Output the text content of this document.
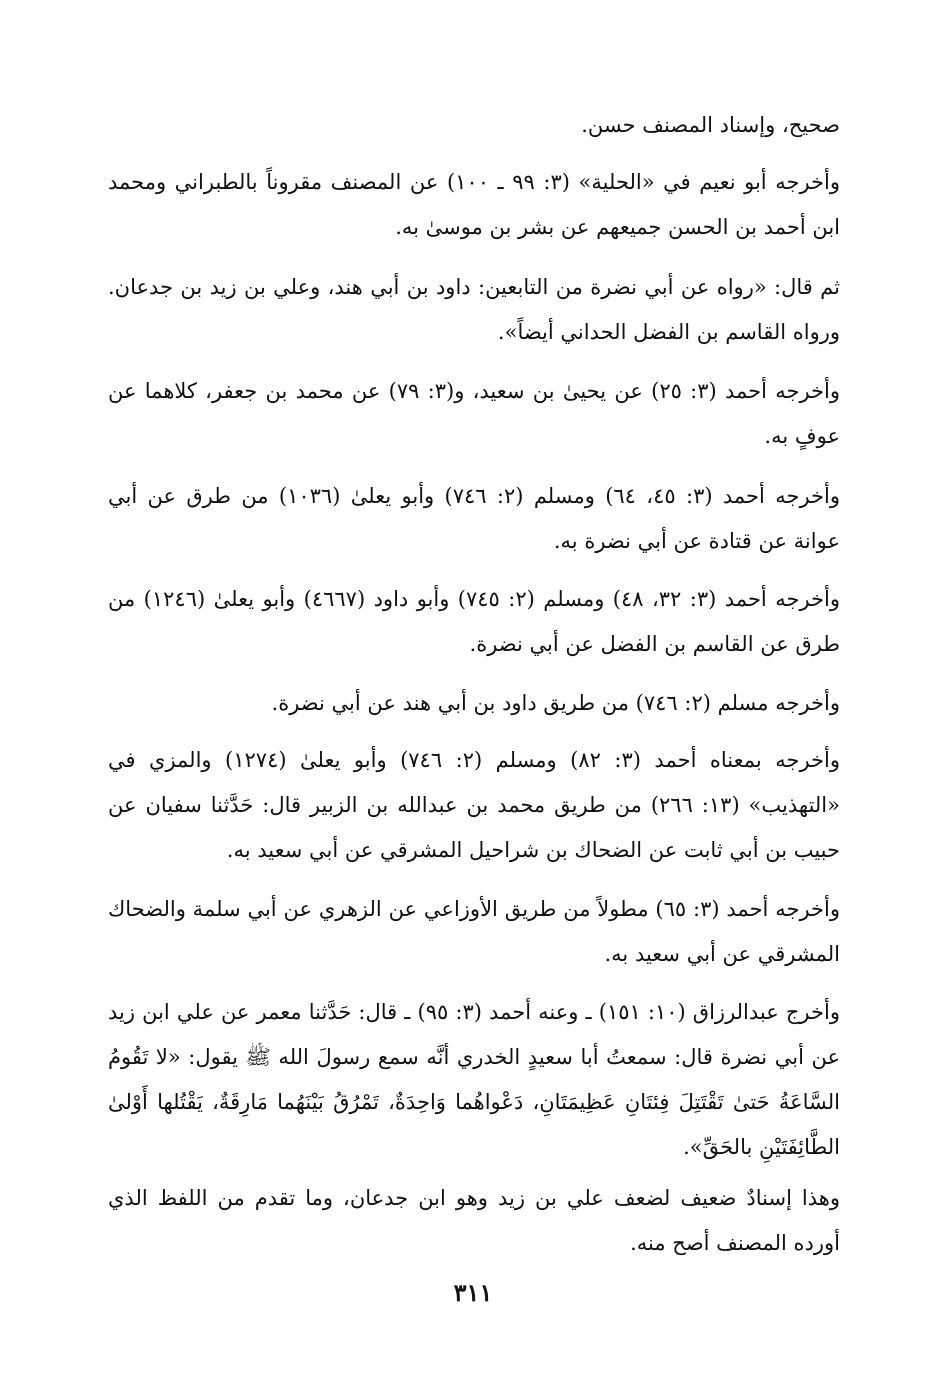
صحيح، وإسناد المصنف حسن.

وأخرجه أبو نعيم في «الحلية» (٣: ٩٩ ـ ١٠٠) عن المصنف مقروناً بالطبراني ومحمد ابن أحمد بن الحسن جميعهم عن بشر بن موسىٰ به.

ثم قال: «رواه عن أبي نضرة من التابعين: داود بن أبي هند، وعلي بن زيد بن جدعان. ورواه القاسم بن الفضل الحداني أيضاً».

وأخرجه أحمد (٣: ٢٥) عن يحيىٰ بن سعيد، و(٣: ٧٩) عن محمد بن جعفر، كلاهما عن عوفٍ به.

وأخرجه أحمد (٣: ٤٥، ٦٤) ومسلم (٢: ٧٤٦) وأبو يعلىٰ (١٠٣٦) من طرق عن أبي عوانة عن قتادة عن أبي نضرة به.

وأخرجه أحمد (٣: ٣٢، ٤٨) ومسلم (٢: ٧٤٥) وأبو داود (٤٦٦٧) وأبو يعلىٰ (١٢٤٦) من طرق عن القاسم بن الفضل عن أبي نضرة.

وأخرجه مسلم (٢: ٧٤٦) من طريق داود بن أبي هند عن أبي نضرة.

وأخرجه بمعناه أحمد (٣: ٨٢) ومسلم (٢: ٧٤٦) وأبو يعلىٰ (١٢٧٤) والمزي في «التهذيب» (١٣: ٢٦٦) من طريق محمد بن عبدالله بن الزبير قال: حَدَّثنا سفيان عن حبيب بن أبي ثابت عن الضحاك بن شراحيل المشرقي عن أبي سعيد به.

وأخرجه أحمد (٣: ٦٥) مطولاً من طريق الأوزاعي عن الزهري عن أبي سلمة والضحاك المشرقي عن أبي سعيد به.

وأخرج عبدالرزاق (١٠: ١٥١) ـ وعنه أحمد (٣: ٩٥) ـ قال: حَدَّثنا معمر عن علي ابن زيد عن أبي نضرة قال: سمعتُ أبا سعيدٍ الخدري أنَّه سمع رسولَ الله ﷺ يقول: «لا تَقُومُ السَّاعَةُ حَتىٰ تَقْتَتِلَ فِئتَانِ عَظِيمَتَانِ، دَعْواهُما وَاحِدَةٌ، تَمْرُقُ بَيْنَهُما مَارِقَةٌ، يَقْتُلها أَوْلىٰ الطَّائِفَتَيْنِ بالحَقِّ».

وهذا إسنادٌ ضعيف لضعف علي بن زيد وهو ابن جدعان، وما تقدم من اللفظ الذي أورده المصنف أصح منه.

٣١١
